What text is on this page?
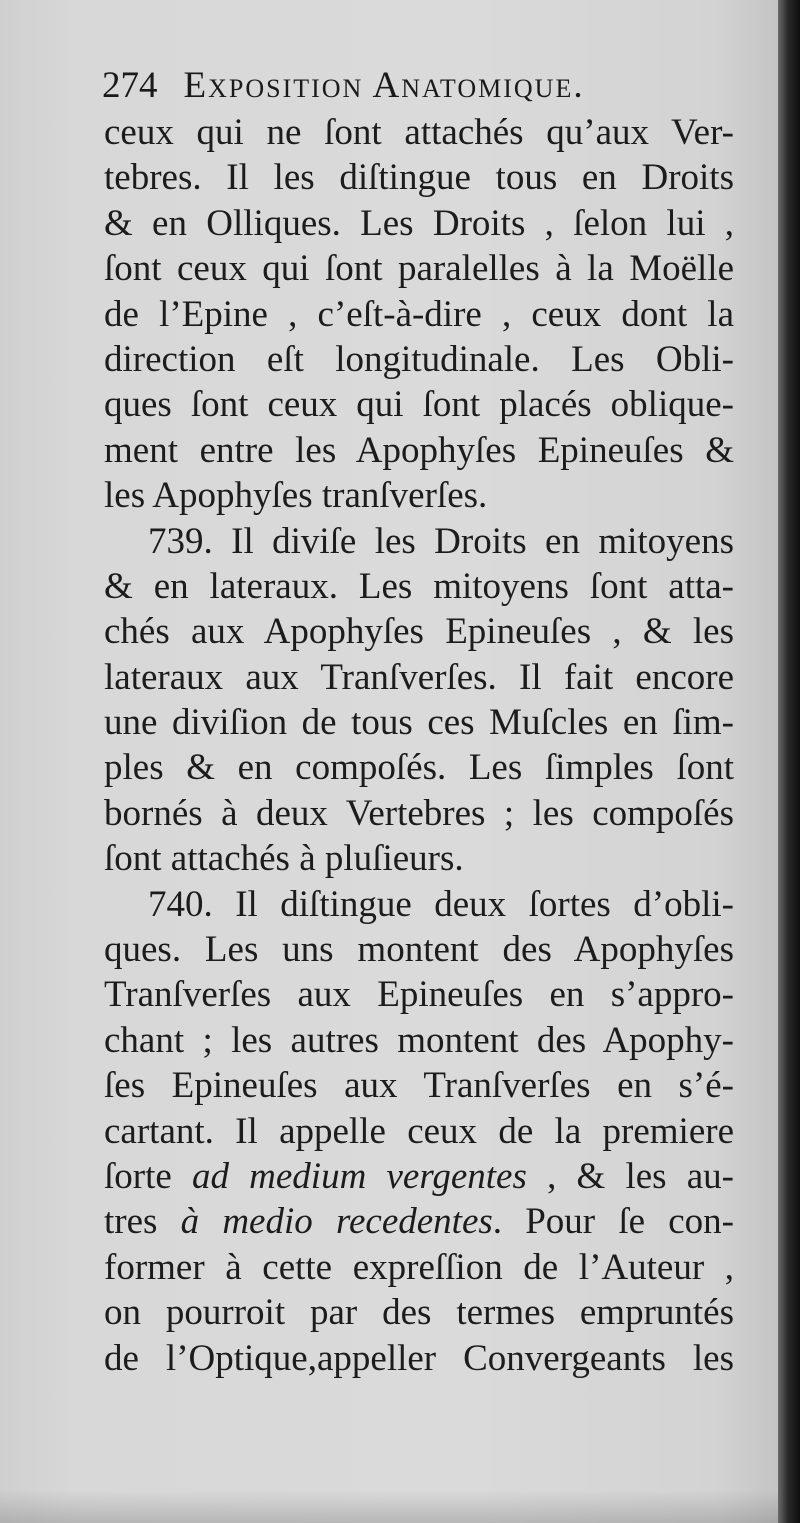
274 Exposition Anatomique.
ceux qui ne ſont attachés qu’aux Ver-
tebres. Il les diſtingue tous en Droits
& en Olliques. Les Droits , ſelon lui ,
ſont ceux qui ſont paralelles à la Moëlle
de l’Epine , c’eſt-à-dire , ceux dont la
direction eſt longitudinale. Les Obli-
ques ſont ceux qui ſont placés oblique-
ment entre les Apophyſes Epineuſes &
les Apophyſes tranſverſes.
739. Il diviſe les Droits en mitoyens
& en lateraux. Les mitoyens ſont atta-
chés aux Apophyſes Epineuſes , & les
lateraux aux Tranſverſes. Il fait encore
une diviſion de tous ces Muſcles en ſim-
ples & en compoſés. Les ſimples ſont
bornés à deux Vertebres ; les compoſés
ſont attachés à pluſieurs.
740. Il diſtingue deux ſortes d’obli-
ques. Les uns montent des Apophyſes
Tranſverſes aux Epineuſes en s’appro-
chant ; les autres montent des Apophy-
ſes Epineuſes aux Tranſverſes en s’é-
cartant. Il appelle ceux de la premiere
ſorte ad medium vergentes , & les au-
tres à medio recedentes. Pour ſe con-
former à cette expreſſion de l’Auteur ,
on pourroit par des termes empruntés
de l’Optique,appeller Convergeants les
